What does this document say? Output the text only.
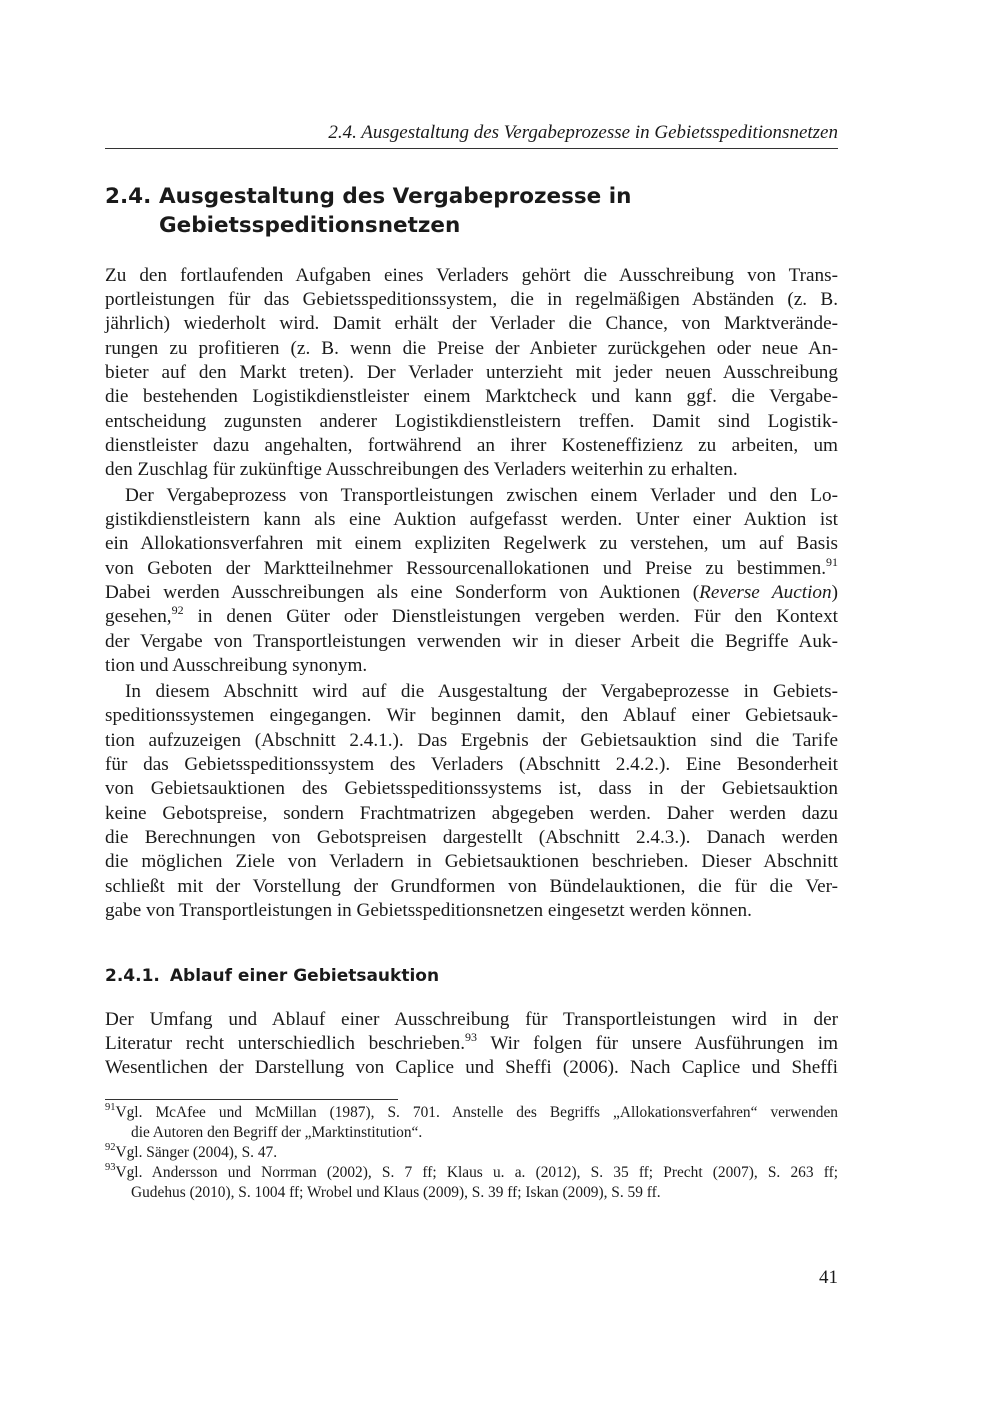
2.4. Ausgestaltung des Vergabeprozesse in Gebietsspeditionsnetzen
2.4. Ausgestaltung des Vergabeprozesse in Gebietsspeditionsnetzen
Zu den fortlaufenden Aufgaben eines Verladers gehört die Ausschreibung von Trans-
portleistungen für das Gebietsspeditionssystem, die in regelmäßigen Abständen (z. B.
jährlich) wiederholt wird. Damit erhält der Verlader die Chance, von Marktverände-
rungen zu profitieren (z. B. wenn die Preise der Anbieter zurückgehen oder neue An-
bieter auf den Markt treten). Der Verlader unterzieht mit jeder neuen Ausschreibung
die bestehenden Logistikdienstleister einem Marktcheck und kann ggf. die Vergabe-
entscheidung zugunsten anderer Logistikdienstleistern treffen. Damit sind Logistik-
dienstleister dazu angehalten, fortwährend an ihrer Kosteneffizienz zu arbeiten, um
den Zuschlag für zukünftige Ausschreibungen des Verladers weiterhin zu erhalten.
Der Vergabeprozess von Transportleistungen zwischen einem Verlader und den Lo-
gistikdienstleistern kann als eine Auktion aufgefasst werden. Unter einer Auktion ist
ein Allokationsverfahren mit einem expliziten Regelwerk zu verstehen, um auf Basis
von Geboten der Marktteilnehmer Ressourcenallokationen und Preise zu bestimmen.$^{91}$
Dabei werden Ausschreibungen als eine Sonderform von Auktionen (Reverse Auction)
gesehen,$^{92}$ in denen Güter oder Dienstleistungen vergeben werden. Für den Kontext
der Vergabe von Transportleistungen verwenden wir in dieser Arbeit die Begriffe Auk-
tion und Ausschreibung synonym.
In diesem Abschnitt wird auf die Ausgestaltung der Vergabeprozesse in Gebiets-
speditionssystemen eingegangen. Wir beginnen damit, den Ablauf einer Gebietsauk-
tion aufzuzeigen (Abschnitt 2.4.1.). Das Ergebnis der Gebietsauktion sind die Tarife
für das Gebietsspeditionssystem des Verladers (Abschnitt 2.4.2.). Eine Besonderheit
von Gebietsauktionen des Gebietsspeditionssystems ist, dass in der Gebietsauktion
keine Gebotspreise, sondern Frachtmatrizen abgegeben werden. Daher werden dazu
die Berechnungen von Gebotspreisen dargestellt (Abschnitt 2.4.3.). Danach werden
die möglichen Ziele von Verladern in Gebietsauktionen beschrieben. Dieser Abschnitt
schließt mit der Vorstellung der Grundformen von Bündelauktionen, die für die Ver-
gabe von Transportleistungen in Gebietsspeditionsnetzen eingesetzt werden können.
2.4.1. Ablauf einer Gebietsauktion
Der Umfang und Ablauf einer Ausschreibung für Transportleistungen wird in der
Literatur recht unterschiedlich beschrieben.$^{93}$ Wir folgen für unsere Ausführungen im
Wesentlichen der Darstellung von Caplice und Sheffi (2006). Nach Caplice und Sheffi
$^{91}$Vgl. McAfee und McMillan (1987), S. 701. Anstelle des Begriffs „Allokationsverfahren“ verwenden
die Autoren den Begriff der „Marktinstitution“.
$^{92}$Vgl. Sänger (2004), S. 47.
$^{93}$Vgl. Andersson und Norrman (2002), S. 7 ff; Klaus u. a. (2012), S. 35 ff; Precht (2007), S. 263 ff;
Gudehus (2010), S. 1004 ff; Wrobel und Klaus (2009), S. 39 ff; Iskan (2009), S. 59 ff.
41
